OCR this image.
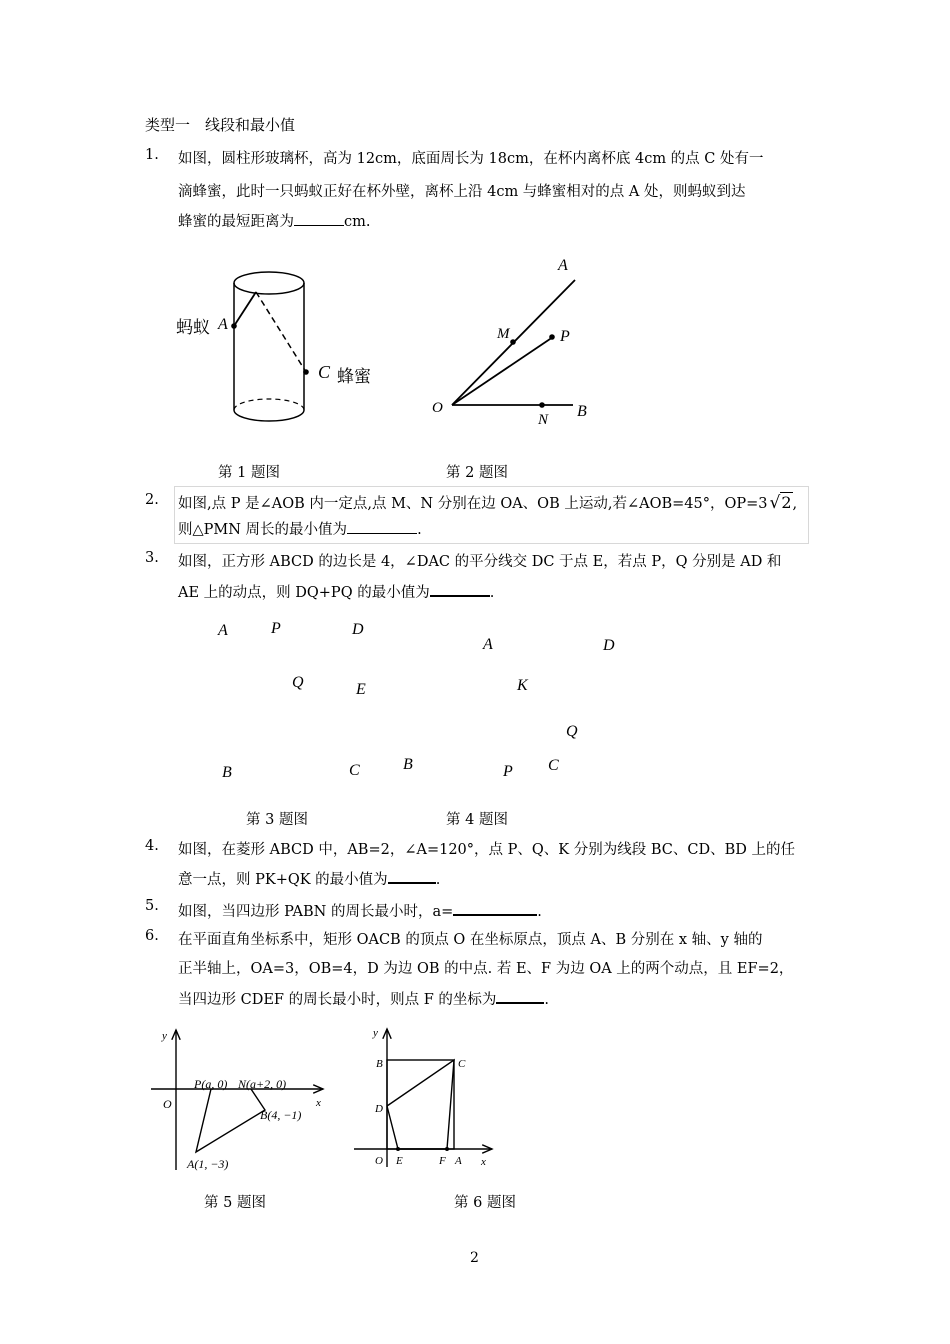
类型一　线段和最小值
1. 如图，圆柱形玻璃杯，高为 12cm，底面周长为 18cm，在杯内离杯底 4cm 的点 C 处有一
滴蜂蜜，此时一只蚂蚁正好在杯外壁，离杯上沿 4cm 与蜂蜜相对的点 A 处，则蚂蚁到达
蜂蜜的最短距离为	cm.
蚂蚁 A
C 蜂蜜
A
M	P
O
N B
第 1 题图	第 2 题图
2. 如图,点 P 是∠AOB 内一定点,点 M、N 分别在边 OA、OB 上运动,若∠AOB=45°，OP=3 √2,
则△PMN 周长的最小值为	.
3. 如图，正方形 ABCD 的边长是 4，∠DAC 的平分线交 DC 于点 E，若点 P，Q 分别是 AD 和
AE 上的动点，则 DQ+PQ 的最小值为	.
A	P	D
Q	E
B	C
A	D
K
Q
B	P C
第 3 题图	第 4 题图
4. 如图，在菱形 ABCD 中，AB=2，∠A=120°，点 P、Q、K 分别为线段 BC、CD、BD 上的任
意一点，则 PK+QK 的最小值为	.
5. 如图，当四边形 PABN 的周长最小时，a=	.
6. 在平面直角坐标系中，矩形 OACB 的顶点 O 在坐标原点，顶点 A、B 分别在 x 轴、y 轴的
正半轴上，OA=3，OB=4，D 为边 OB 的中点. 若 E、F 为边 OA 上的两个动点，且 EF=2，
当四边形 CDEF 的周长最小时，则点 F 的坐标为	.
y
x
O
P(a, 0) N(a+2, 0)
B(4, −1)
A(1, −3)
y
x
B	C
D
O E	F A
第 5 题图	第 6 题图
2
